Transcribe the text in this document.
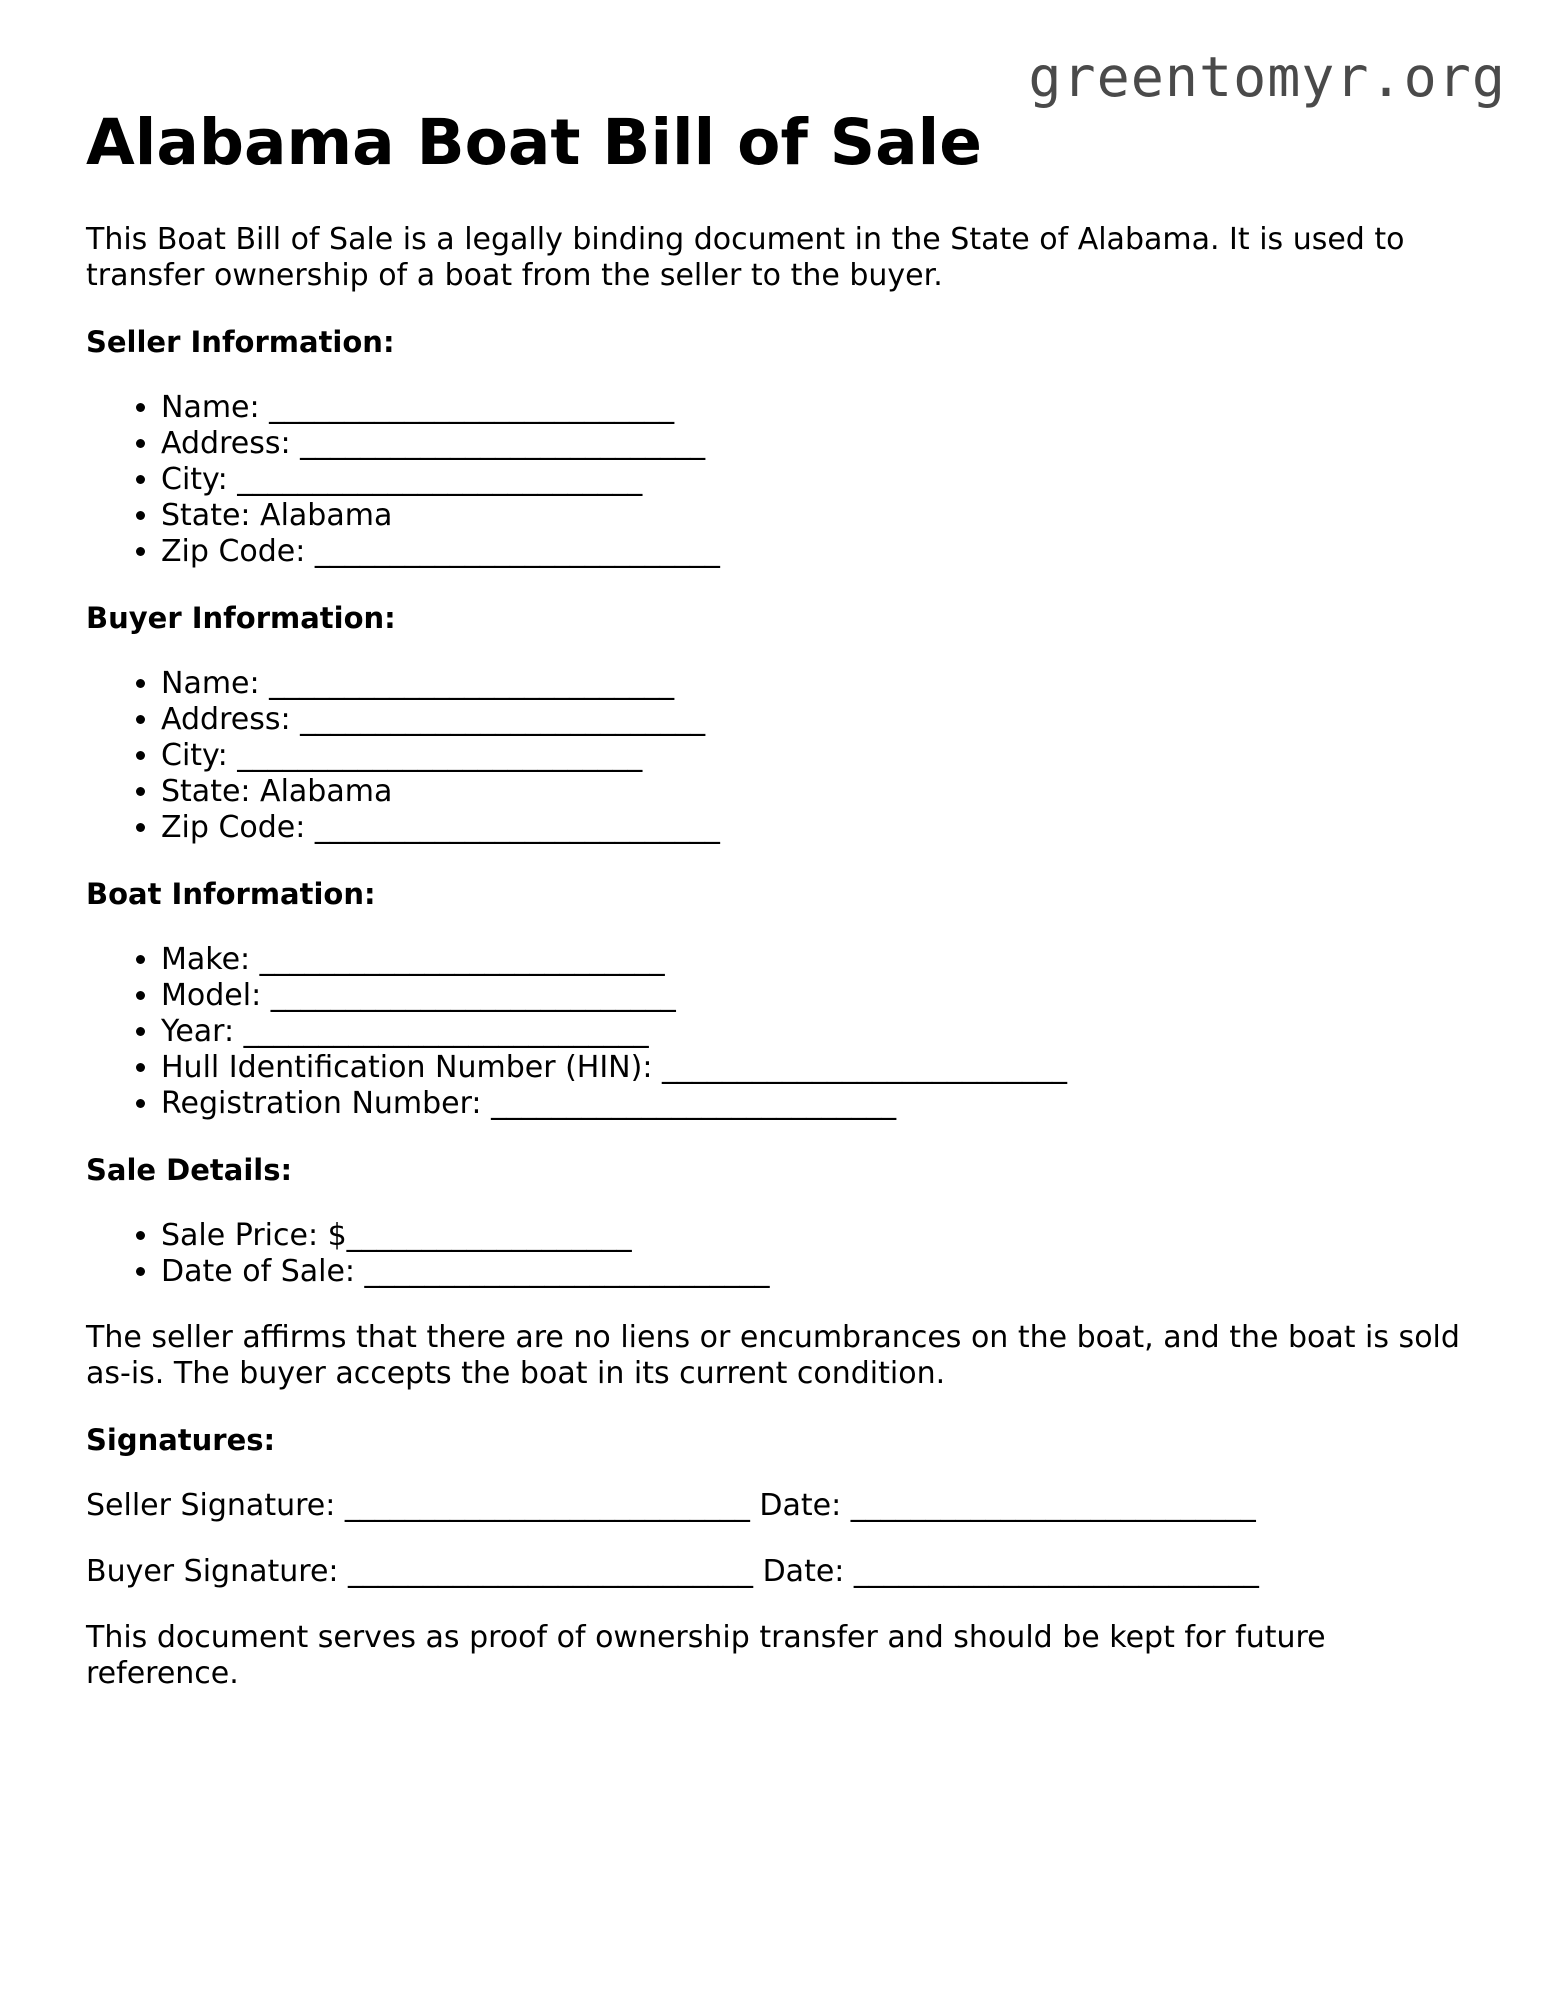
greentomyr.org
Alabama Boat Bill of Sale

This Boat Bill of Sale is a legally binding document in the State of Alabama. It is used to transfer ownership of a boat from the seller to the buyer.

Seller Information:
• Name: ___________________________
• Address: ___________________________
• City: ___________________________
• State: Alabama
• Zip Code: ___________________________
Buyer Information:
• Name: ___________________________
• Address: ___________________________
• City: ___________________________
• State: Alabama
• Zip Code: ___________________________
Boat Information:
• Make: ___________________________
• Model: ___________________________
• Year: ___________________________
• Hull Identification Number (HIN): ___________________________
• Registration Number: ___________________________
Sale Details:
• Sale Price: $___________________
• Date of Sale: ___________________________

The seller affirms that there are no liens or encumbrances on the boat, and the boat is sold as-is. The buyer accepts the boat in its current condition.

Signatures:

Seller Signature: ___________________________ Date: ___________________________

Buyer Signature: ___________________________ Date: ___________________________

This document serves as proof of ownership transfer and should be kept for future reference.
